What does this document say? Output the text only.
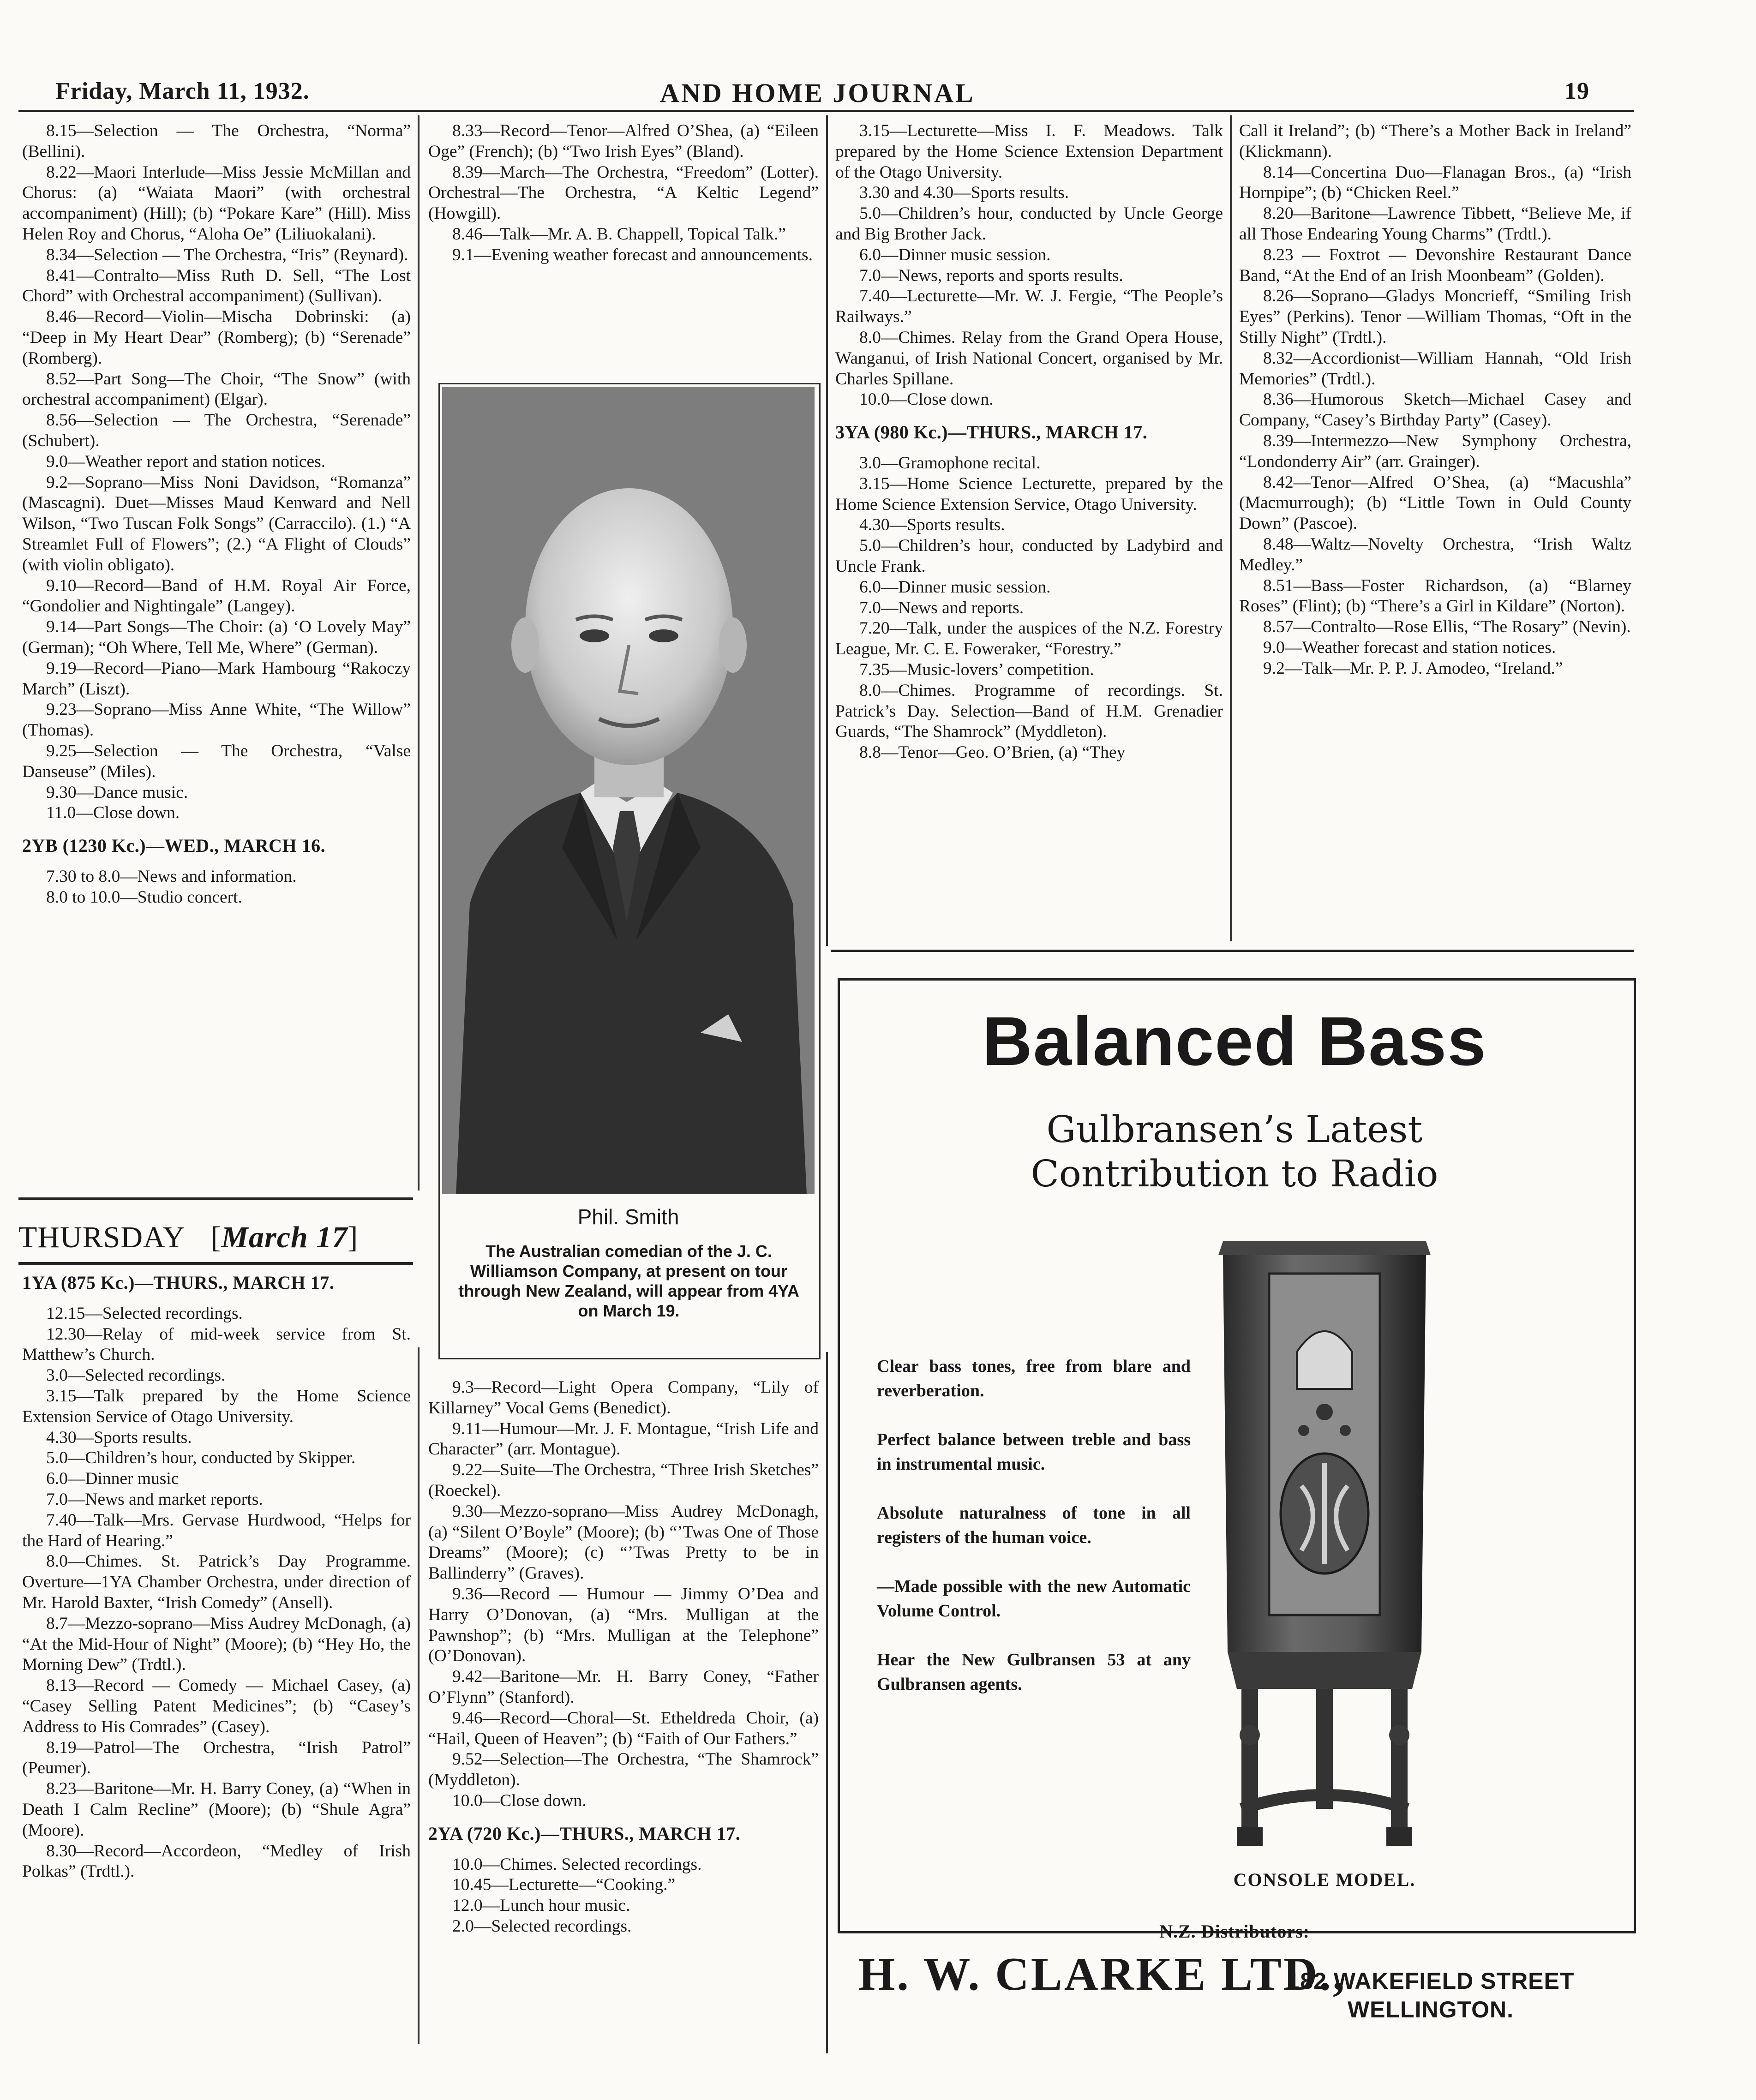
Friday, March 11, 1932.	AND HOME JOURNAL	19

8.15—Selection — The Orchestra, “Norma” (Bellini).

8.22—Maori Interlude—Miss Jessie McMillan and Chorus: (a) “Waiata Maori” (with orchestral accompaniment) (Hill); (b) “Pokare Kare” (Hill). Miss Helen Roy and Chorus, “Aloha Oe” (Liliuokalani).

8.34—Selection — The Orchestra, “Iris” (Reynard).

8.41—Contralto—Miss Ruth D. Sell, “The Lost Chord” with Orchestral accompaniment) (Sullivan).

8.46—Record—Violin—Mischa Dobrinski: (a) “Deep in My Heart Dear” (Romberg); (b) “Serenade” (Romberg).

8.52—Part Song—The Choir, “The Snow” (with orchestral accompaniment) (Elgar).

8.56—Selection — The Orchestra, “Serenade” (Schubert).

9.0—Weather report and station notices.

9.2—Soprano—Miss Noni Davidson, “Romanza” (Mascagni). Duet—Misses Maud Kenward and Nell Wilson, “Two Tuscan Folk Songs” (Carraccilo). (1.) “A Streamlet Full of Flowers”; (2.) “A Flight of Clouds” (with violin obligato).

9.10—Record—Band of H.M. Royal Air Force, “Gondolier and Nightingale” (Langey).

9.14—Part Songs—The Choir: (a) ‘O Lovely May” (German); “Oh Where, Tell Me, Where” (German).

9.19—Record—Piano—Mark Hambourg “Rakoczy March” (Liszt).

9.23—Soprano—Miss Anne White, “The Willow” (Thomas).

9.25—Selection — The Orchestra, “Valse Danseuse” (Miles).

9.30—Dance music.

11.0—Close down.

2YB (1230 Kc.)—WED., MARCH 16.

7.30 to 8.0—News and information.

8.0 to 10.0—Studio concert.

THURSDAY [March 17]

1YA (875 Kc.)—THURS., MARCH 17.

12.15—Selected recordings.

12.30—Relay of mid-week service from St. Matthew’s Church.

3.0—Selected recordings.

3.15—Talk prepared by the Home Science Extension Service of Otago University.

4.30—Sports results.

5.0—Children’s hour, conducted by Skipper.

6.0—Dinner music

7.0—News and market reports.

7.40—Talk—Mrs. Gervase Hurdwood, “Helps for the Hard of Hearing.”

8.0—Chimes. St. Patrick’s Day Programme. Overture—1YA Chamber Orchestra, under direction of Mr. Harold Baxter, “Irish Comedy” (Ansell).

8.7—Mezzo-soprano—Miss Audrey McDonagh, (a) “At the Mid-Hour of Night” (Moore); (b) “Hey Ho, the Morning Dew” (Trdtl.).

8.13—Record — Comedy — Michael Casey, (a) “Casey Selling Patent Medicines”; (b) “Casey’s Address to His Comrades” (Casey).

8.19—Patrol—The Orchestra, “Irish Patrol” (Peumer).

8.23—Baritone—Mr. H. Barry Coney, (a) “When in Death I Calm Recline” (Moore); (b) “Shule Agra” (Moore).

8.30—Record—Accordeon, “Medley of Irish Polkas” (Trdtl.).

8.33—Record—Tenor—Alfred O’Shea, (a) “Eileen Oge” (French); (b) “Two Irish Eyes” (Bland).

8.39—March—The Orchestra, “Freedom” (Lotter). Orchestral—The Orchestra, “A Keltic Legend” (Howgill).

8.46—Talk—Mr. A. B. Chappell, Topical Talk.”

9.1—Evening weather forecast and announcements.

Phil. Smith
The Australian comedian of the J. C. Williamson Company, at present on tour through New Zealand, will appear from 4YA on March 19.

9.3—Record—Light Opera Company, “Lily of Killarney” Vocal Gems (Benedict).

9.11—Humour—Mr. J. F. Montague, “Irish Life and Character” (arr. Montague).

9.22—Suite—The Orchestra, “Three Irish Sketches” (Roeckel).

9.30—Mezzo-soprano—Miss Audrey McDonagh, (a) “Silent O’Boyle” (Moore); (b) “’Twas One of Those Dreams” (Moore); (c) “’Twas Pretty to be in Ballinderry” (Graves).

9.36—Record — Humour — Jimmy O’Dea and Harry O’Donovan, (a) “Mrs. Mulligan at the Pawnshop”; (b) “Mrs. Mulligan at the Telephone” (O’Donovan).

9.42—Baritone—Mr. H. Barry Coney, “Father O’Flynn” (Stanford).

9.46—Record—Choral—St. Etheldreda Choir, (a) “Hail, Queen of Heaven”; (b) “Faith of Our Fathers.”

9.52—Selection—The Orchestra, “The Shamrock” (Myddleton).

10.0—Close down.

2YA (720 Kc.)—THURS., MARCH 17.

10.0—Chimes. Selected recordings.

10.45—Lecturette—“Cooking.”

12.0—Lunch hour music.

2.0—Selected recordings.

3.15—Lecturette—Miss I. F. Meadows. Talk prepared by the Home Science Extension Department of the Otago University.

3.30 and 4.30—Sports results.

5.0—Children’s hour, conducted by Uncle George and Big Brother Jack.

6.0—Dinner music session.

7.0—News, reports and sports results.

7.40—Lecturette—Mr. W. J. Fergie, “The People’s Railways.”

8.0—Chimes. Relay from the Grand Opera House, Wanganui, of Irish National Concert, organised by Mr. Charles Spillane.

10.0—Close down.

3YA (980 Kc.)—THURS., MARCH 17.

3.0—Gramophone recital.

3.15—Home Science Lecturette, prepared by the Home Science Extension Service, Otago University.

4.30—Sports results.

5.0—Children’s hour, conducted by Ladybird and Uncle Frank.

6.0—Dinner music session.

7.0—News and reports.

7.20—Talk, under the auspices of the N.Z. Forestry League, Mr. C. E. Foweraker, “Forestry.”

7.35—Music-lovers’ competition.

8.0—Chimes. Programme of recordings. St. Patrick’s Day. Selection—Band of H.M. Grenadier Guards, “The Shamrock” (Myddleton).

8.8—Tenor—Geo. O’Brien, (a) “They

Call it Ireland”; (b) “There’s a Mother Back in Ireland” (Klickmann).

8.14—Concertina Duo—Flanagan Bros., (a) “Irish Hornpipe”; (b) “Chicken Reel.”

8.20—Baritone—Lawrence Tibbett, “Believe Me, if all Those Endearing Young Charms” (Trdtl.).

8.23 — Foxtrot — Devonshire Restaurant Dance Band, “At the End of an Irish Moonbeam” (Golden).

8.26—Soprano—Gladys Moncrieff, “Smiling Irish Eyes” (Perkins). Tenor —William Thomas, “Oft in the Stilly Night” (Trdtl.).

8.32—Accordionist—William Hannah, “Old Irish Memories” (Trdtl.).

8.36—Humorous Sketch—Michael Casey and Company, “Casey’s Birthday Party” (Casey).

8.39—Intermezzo—New Symphony Orchestra, “Londonderry Air” (arr. Grainger).

8.42—Tenor—Alfred O’Shea, (a) “Macushla” (Macmurrough); (b) “Little Town in Ould County Down” (Pascoe).

8.48—Waltz—Novelty Orchestra, “Irish Waltz Medley.”

8.51—Bass—Foster Richardson, (a) “Blarney Roses” (Flint); (b) “There’s a Girl in Kildare” (Norton).

8.57—Contralto—Rose Ellis, “The Rosary” (Nevin).

9.0—Weather forecast and station notices.

9.2—Talk—Mr. P. P. J. Amodeo, “Ireland.”

Balanced Bass
Gulbransen’s Latest
Contribution to Radio

Clear bass tones, free from blare and reverberation.

Perfect balance between treble and bass in instrumental music.

Absolute naturalness of tone in all registers of the human voice.

—Made possible with the new Automatic Volume Control.

Hear the New Gulbransen 53 at any Gulbransen agents.

CONSOLE MODEL.
N.Z. Distributors:
H. W. CLARKE LTD.,
182 WAKEFIELD STREET
WELLINGTON.
